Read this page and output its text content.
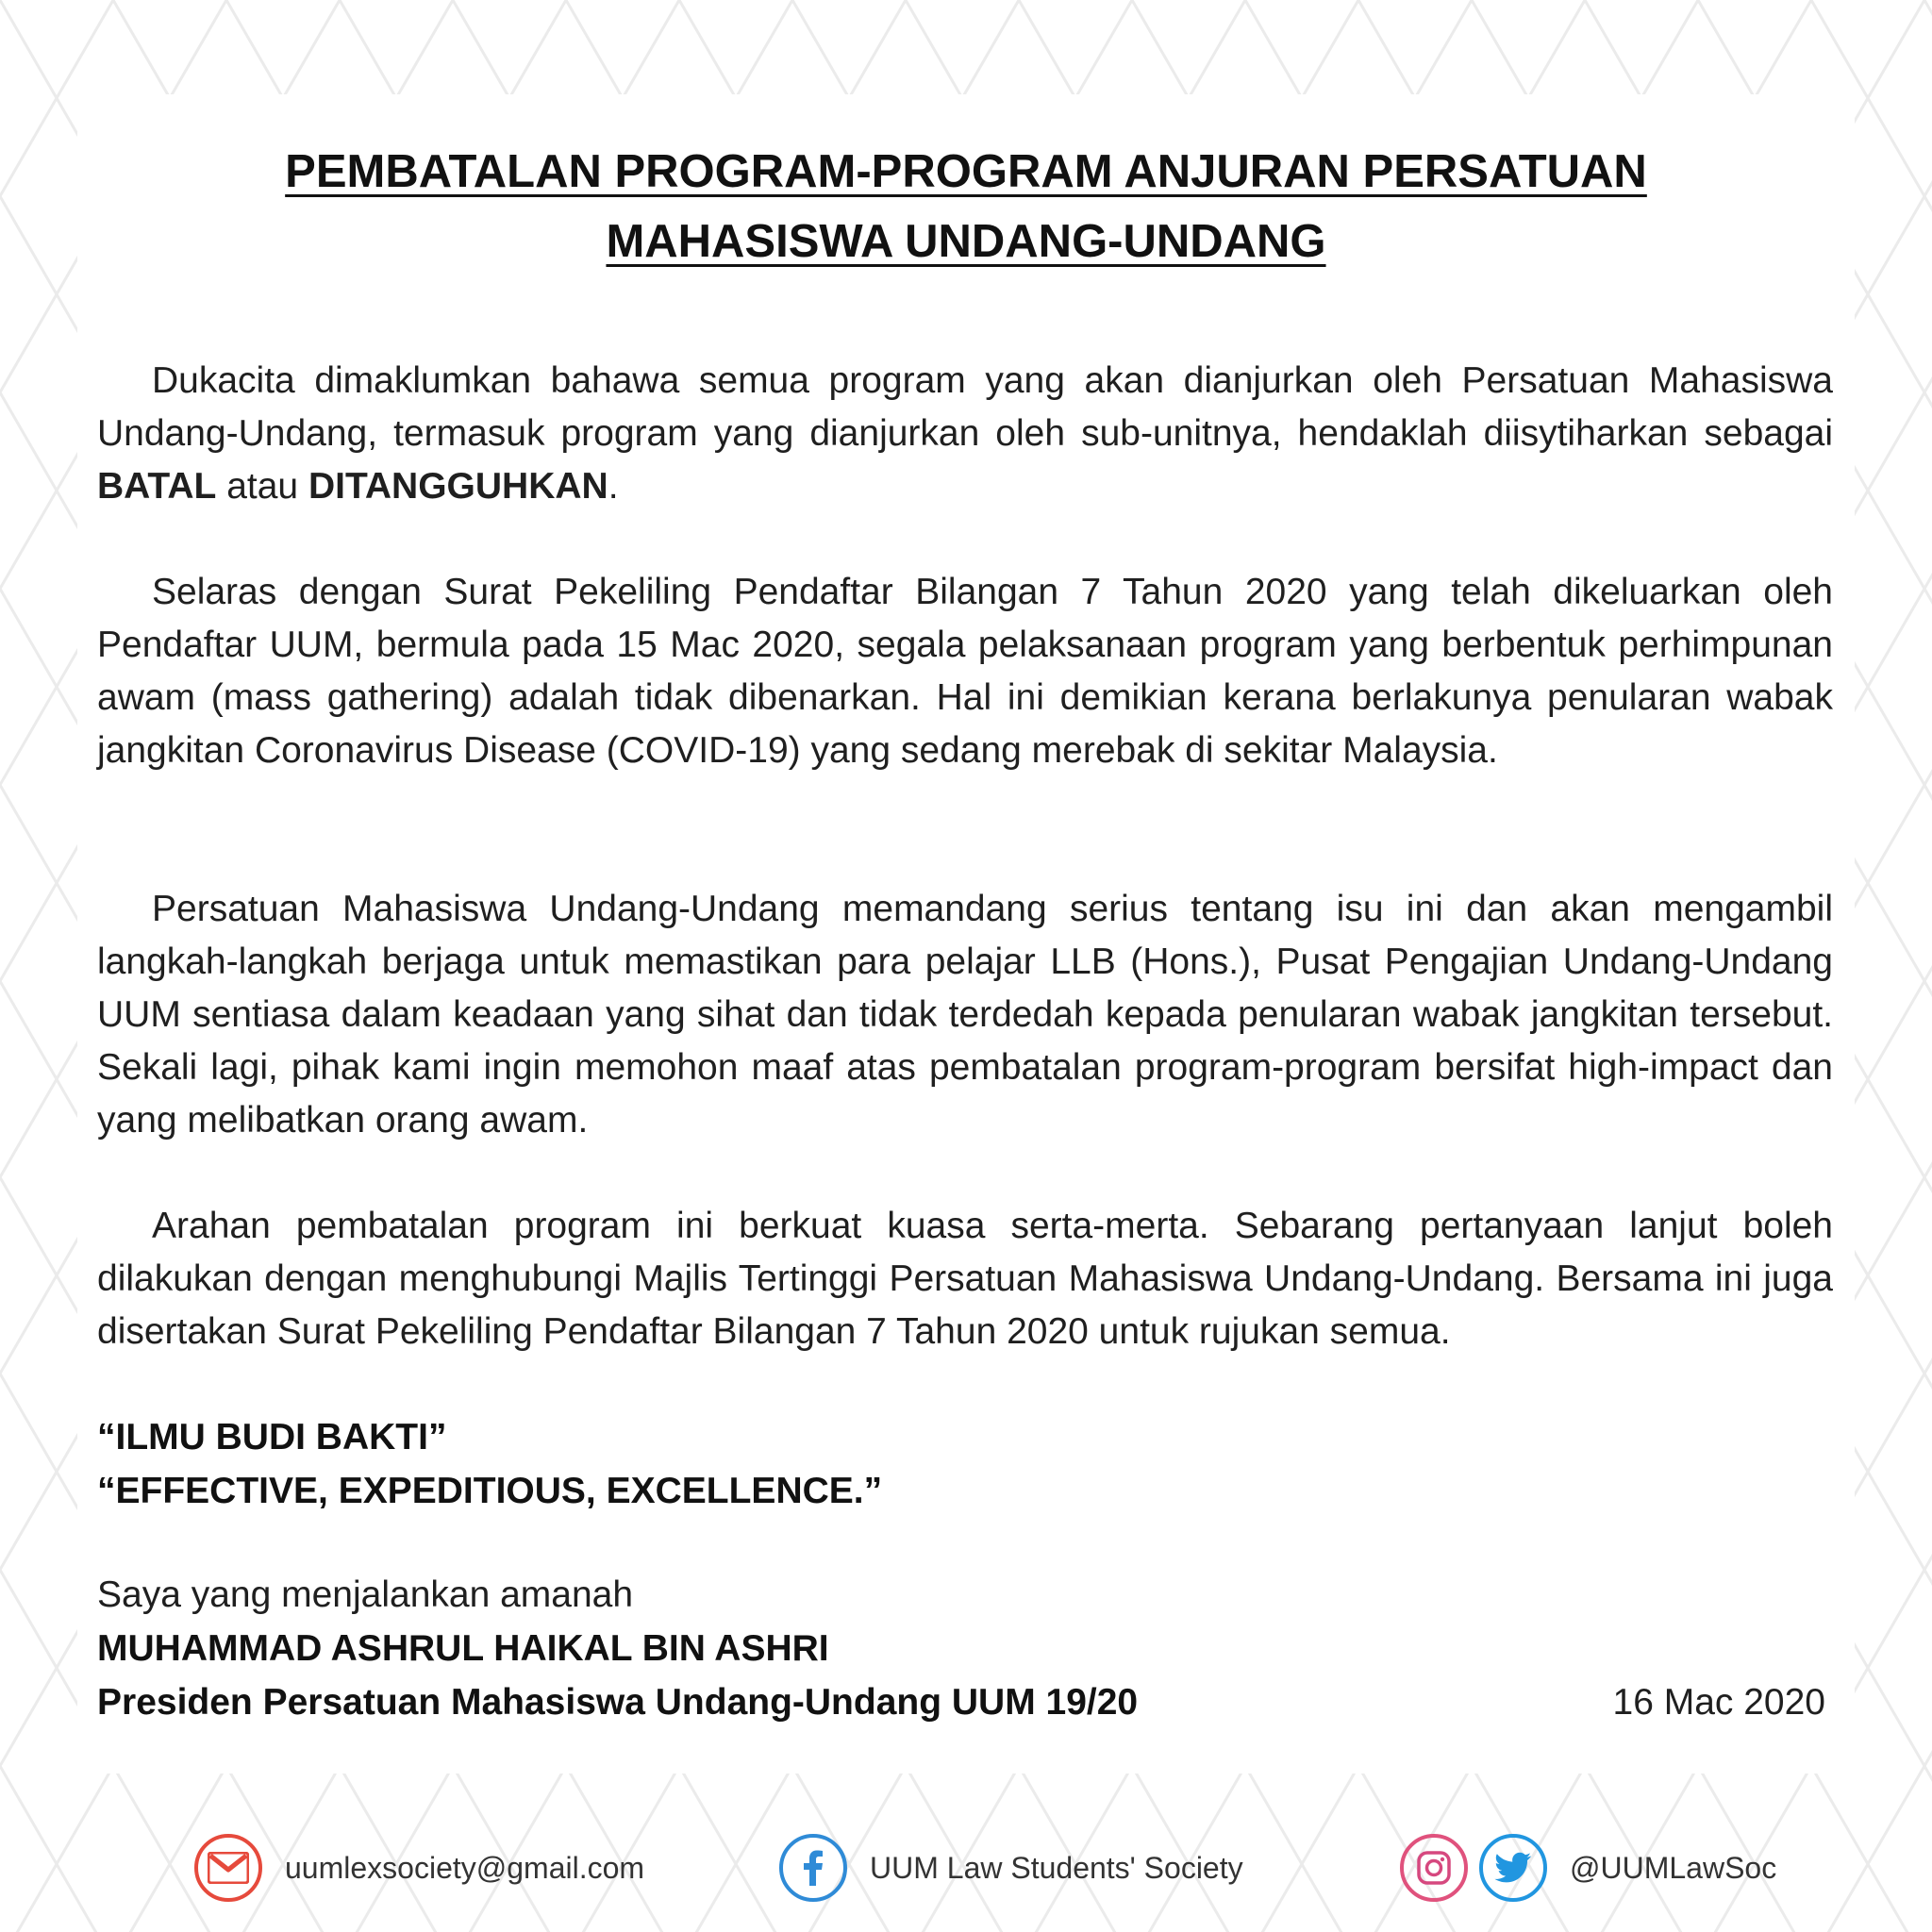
PEMBATALAN PROGRAM-PROGRAM ANJURAN PERSATUAN
MAHASISWA UNDANG-UNDANG

Dukacita dimaklumkan bahawa semua program yang akan dianjurkan oleh Persatuan Mahasiswa Undang-Undang, termasuk program yang dianjurkan oleh sub-unitnya, hendaklah diisytiharkan sebagai BATAL atau DITANGGUHKAN.

Selaras dengan Surat Pekeliling Pendaftar Bilangan 7 Tahun 2020 yang telah dikeluarkan oleh Pendaftar UUM, bermula pada 15 Mac 2020, segala pelaksanaan program yang berbentuk perhimpunan awam (mass gathering) adalah tidak dibenarkan. Hal ini demikian kerana berlakunya penularan wabak jangkitan Coronavirus Disease (COVID-19) yang sedang merebak di sekitar Malaysia.

Persatuan Mahasiswa Undang-Undang memandang serius tentang isu ini dan akan mengambil langkah-langkah berjaga untuk memastikan para pelajar LLB (Hons.), Pusat Pengajian Undang-Undang UUM sentiasa dalam keadaan yang sihat dan tidak terdedah kepada penularan wabak jangkitan tersebut. Sekali lagi, pihak kami ingin memohon maaf atas pembatalan program-program bersifat high-impact dan yang melibatkan orang awam.

Arahan pembatalan program ini berkuat kuasa serta-merta. Sebarang pertanyaan lanjut boleh dilakukan dengan menghubungi Majlis Tertinggi Persatuan Mahasiswa Undang-Undang. Bersama ini juga disertakan Surat Pekeliling Pendaftar Bilangan 7 Tahun 2020 untuk rujukan semua.

“ILMU BUDI BAKTI”
“EFFECTIVE, EXPEDITIOUS, EXCELLENCE.”
Saya yang menjalankan amanah
MUHAMMAD ASHRUL HAIKAL BIN ASHRI
Presiden Persatuan Mahasiswa Undang-Undang UUM 19/20	16 Mac 2020
uumlexsociety@gmail.com	UUM Law Students' Society	@UUMLawSoc
